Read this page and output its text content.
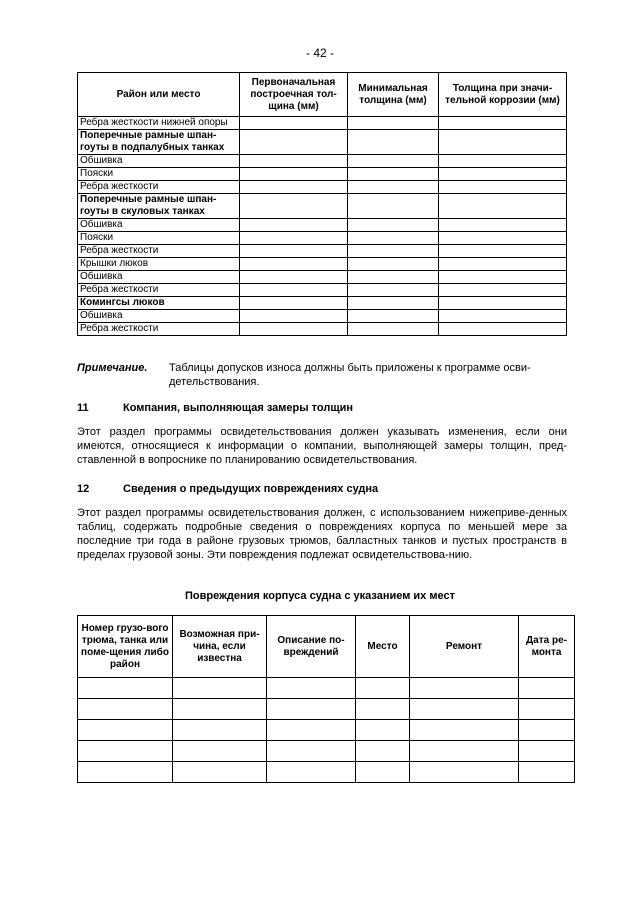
- 42 -
Район или место	Первоначальная построечная тол-щина (мм)	Минимальная толщина (мм)	Толщина при значи-тельной коррозии (мм)
Ребра жесткости нижней опоры			
Поперечные рамные шпан-гоуты в подпалубных танках			
Обшивка			
Пояски			
Ребра жесткости			
Поперечные рамные шпан-гоуты в скуловых танках			
Обшивка			
Пояски			
Ребра жесткости			
Крышки люков			
Обшивка			
Ребра жесткости			
Комингсы люков			
Обшивка			
Ребра жесткости			
Примечание. Таблицы допусков износа должны быть приложены к программе осви-детельствования.
11	Компания, выполняющая замеры толщин
Этот раздел программы освидетельствования должен указывать изменения, если они имеются, относящиеся к информации о компании, выполняющей замеры толщин, пред-ставленной в вопроснике по планированию освидетельствования.
12	Сведения о предыдущих повреждениях судна
Этот раздел программы освидетельствования должен, с использованием нижеприве-денных таблиц, содержать подробные сведения о повреждениях корпуса по меньшей мере за последние три года в районе грузовых трюмов, балластных танков и пустых пространств в пределах грузовой зоны. Эти повреждения подлежат освидетельствова-нию.
Повреждения корпуса судна с указанием их мест
Номер грузо-вого трюма, танка или поме-щения либо район	Возможная при-чина, если известна	Описание по-вреждений	Место	Ремонт	Дата ре-монта
